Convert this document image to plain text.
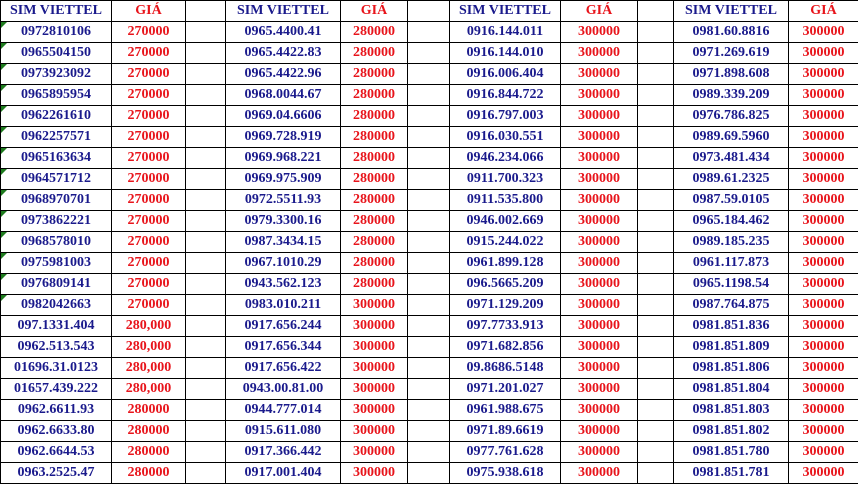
SIM VIETTEL	GIÁ		SIM VIETTEL	GIÁ		SIM VIETTEL	GIÁ		SIM VIETTEL	GIÁ
0972810106	270000		0965.4400.41	280000		0916.144.011	300000		0981.60.8816	300000
0965504150	270000		0965.4422.83	280000		0916.144.010	300000		0971.269.619	300000
0973923092	270000		0965.4422.96	280000		0916.006.404	300000		0971.898.608	300000
0965895954	270000		0968.0044.67	280000		0916.844.722	300000		0989.339.209	300000
0962261610	270000		0969.04.6606	280000		0916.797.003	300000		0976.786.825	300000
0962257571	270000		0969.728.919	280000		0916.030.551	300000		0989.69.5960	300000
0965163634	270000		0969.968.221	280000		0946.234.066	300000		0973.481.434	300000
0964571712	270000		0969.975.909	280000		0911.700.323	300000		0989.61.2325	300000
0968970701	270000		0972.5511.93	280000		0911.535.800	300000		0987.59.0105	300000
0973862221	270000		0979.3300.16	280000		0946.002.669	300000		0965.184.462	300000
0968578010	270000		0987.3434.15	280000		0915.244.022	300000		0989.185.235	300000
0975981003	270000		0967.1010.29	280000		0961.899.128	300000		0961.117.873	300000
0976809141	270000		0943.562.123	280000		096.5665.209	300000		0965.1198.54	300000
0982042663	270000		0983.010.211	300000		0971.129.209	300000		0987.764.875	300000
097.1331.404	280,000		0917.656.244	300000		097.7733.913	300000		0981.851.836	300000
0962.513.543	280,000		0917.656.344	300000		0971.682.856	300000		0981.851.809	300000
01696.31.0123	280,000		0917.656.422	300000		09.8686.5148	300000		0981.851.806	300000
01657.439.222	280,000		0943.00.81.00	300000		0971.201.027	300000		0981.851.804	300000
0962.6611.93	280000		0944.777.014	300000		0961.988.675	300000		0981.851.803	300000
0962.6633.80	280000		0915.611.080	300000		0971.89.6619	300000		0981.851.802	300000
0962.6644.53	280000		0917.366.442	300000		0977.761.628	300000		0981.851.780	300000
0963.2525.47	280000		0917.001.404	300000		0975.938.618	300000		0981.851.781	300000
